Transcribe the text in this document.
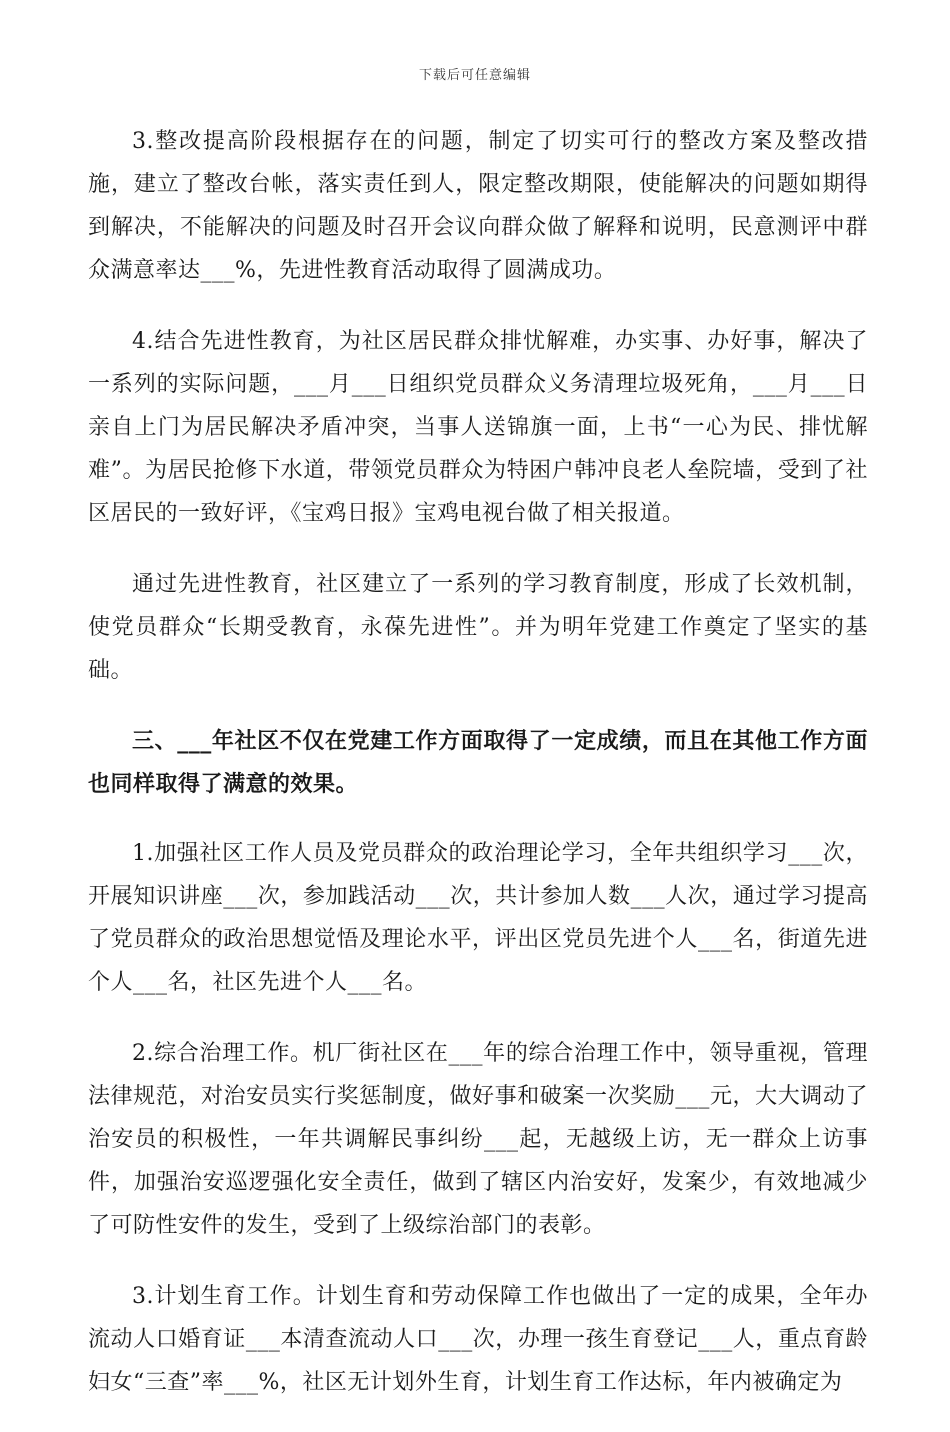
下载后可任意编辑

3.整改提高阶段根据存在的问题，制定了切实可行的整改方案及整改措施，建立了整改台帐，落实责任到人，限定整改期限，使能解决的问题如期得到解决，不能解决的问题及时召开会议向群众做了解释和说明，民意测评中群众满意率达___%，先进性教育活动取得了圆满成功。

4.结合先进性教育，为社区居民群众排忧解难，办实事、办好事，解决了一系列的实际问题，___月___日组织党员群众义务清理垃圾死角，___月___日亲自上门为居民解决矛盾冲突，当事人送锦旗一面，上书“一心为民、排忧解难”。为居民抢修下水道，带领党员群众为特困户韩冲良老人垒院墙，受到了社区居民的一致好评，《宝鸡日报》宝鸡电视台做了相关报道。

通过先进性教育，社区建立了一系列的学习教育制度，形成了长效机制，使党员群众“长期受教育，永葆先进性”。并为明年党建工作奠定了坚实的基础。

三、___年社区不仅在党建工作方面取得了一定成绩，而且在其他工作方面也同样取得了满意的效果。

1.加强社区工作人员及党员群众的政治理论学习，全年共组织学习___次，开展知识讲座___次，参加践活动___次，共计参加人数___人次，通过学习提高了党员群众的政治思想觉悟及理论水平，评出区党员先进个人___名，街道先进个人___名，社区先进个人___名。

2.综合治理工作。机厂街社区在___年的综合治理工作中，领导重视，管理法律规范，对治安员实行奖惩制度，做好事和破案一次奖励___元，大大调动了治安员的积极性，一年共调解民事纠纷___起，无越级上访，无一群众上访事件，加强治安巡逻强化安全责任，做到了辖区内治安好，发案少，有效地减少了可防性安件的发生，受到了上级综治部门的表彰。

3.计划生育工作。计划生育和劳动保障工作也做出了一定的成果，全年办流动人口婚育证___本清查流动人口___次，办理一孩生育登记___人，重点育龄妇女“三查”率___%，社区无计划外生育，计划生育工作达标，年内被确定为
